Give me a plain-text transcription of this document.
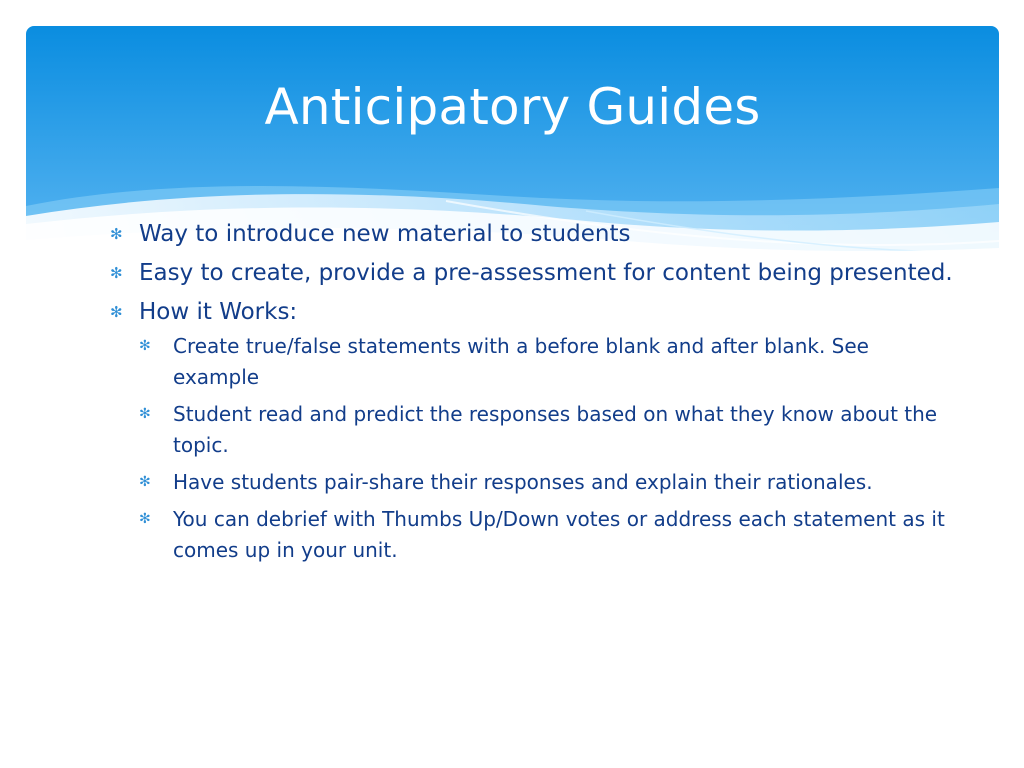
Anticipatory Guides
✻ Way to introduce new material to students
✻ Easy to create, provide a pre-assessment for content being presented.
✻ How it Works:
✻ Create true/false statements with a before blank and after blank. See example
✻ Student read and predict the responses based on what they know about the topic.
✻ Have students pair-share their responses and explain their rationales.
✻ You can debrief with Thumbs Up/Down votes or address each statement as it comes up in your unit.
